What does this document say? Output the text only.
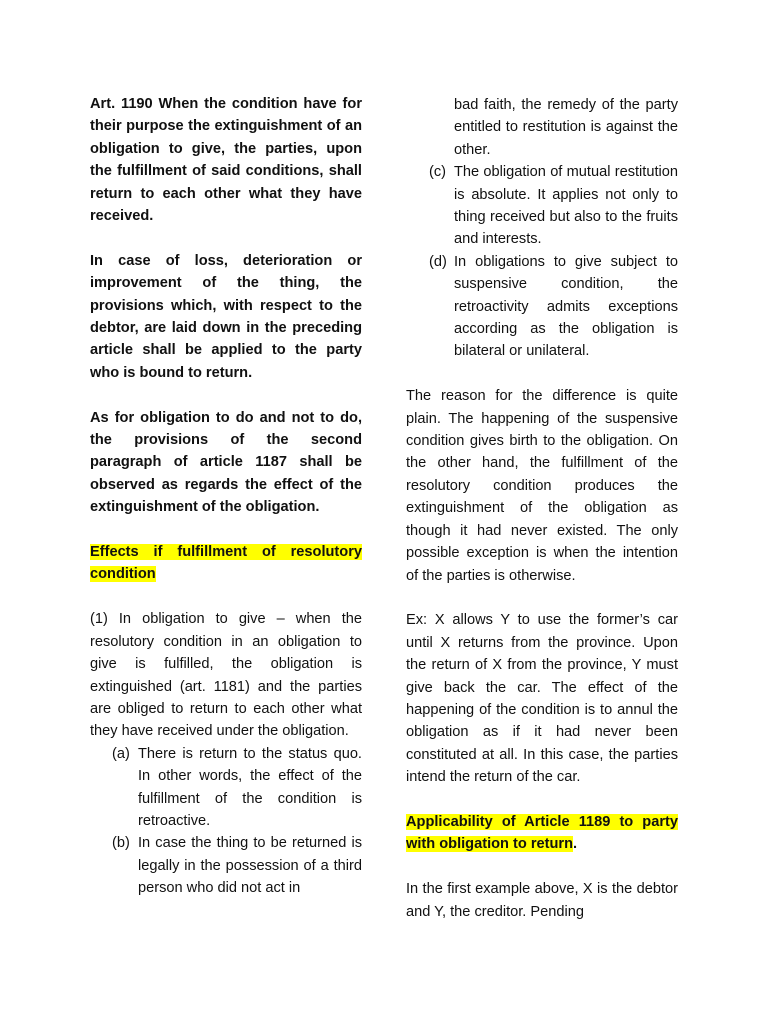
Art. 1190 When the condition have for their purpose the extinguishment of an obligation to give, the parties, upon the fulfillment of said conditions, shall return to each other what they have received.

In case of loss, deterioration or improvement of the thing, the provisions which, with respect to the debtor, are laid down in the preceding article shall be applied to the party who is bound to return.

As for obligation to do and not to do, the provisions of the second paragraph of article 1187 shall be observed as regards the effect of the extinguishment of the obligation.

Effects if fulfillment of resolutory condition

(1) In obligation to give – when the resolutory condition in an obligation to give is fulfilled, the obligation is extinguished (art. 1181) and the parties are obliged to return to each other what they have received under the obligation.

(a) There is return to the status quo. In other words, the effect of the fulfillment of the condition is retroactive.
(b) In case the thing to be returned is legally in the possession of a third person who did not act in
bad faith, the remedy of the party entitled to restitution is against the other.
(c) The obligation of mutual restitution is absolute. It applies not only to thing received but also to the fruits and interests.
(d) In obligations to give subject to suspensive condition, the retroactivity admits exceptions according as the obligation is bilateral or unilateral.

The reason for the difference is quite plain. The happening of the suspensive condition gives birth to the obligation. On the other hand, the fulfillment of the resolutory condition produces the extinguishment of the obligation as though it had never existed. The only possible exception is when the intention of the parties is otherwise.

Ex: X allows Y to use the former’s car until X returns from the province. Upon the return of X from the province, Y must give back the car. The effect of the happening of the condition is to annul the obligation as if it had never been constituted at all. In this case, the parties intend the return of the car.

Applicability of Article 1189 to party with obligation to return.

In the first example above, X is the debtor and Y, the creditor. Pending
